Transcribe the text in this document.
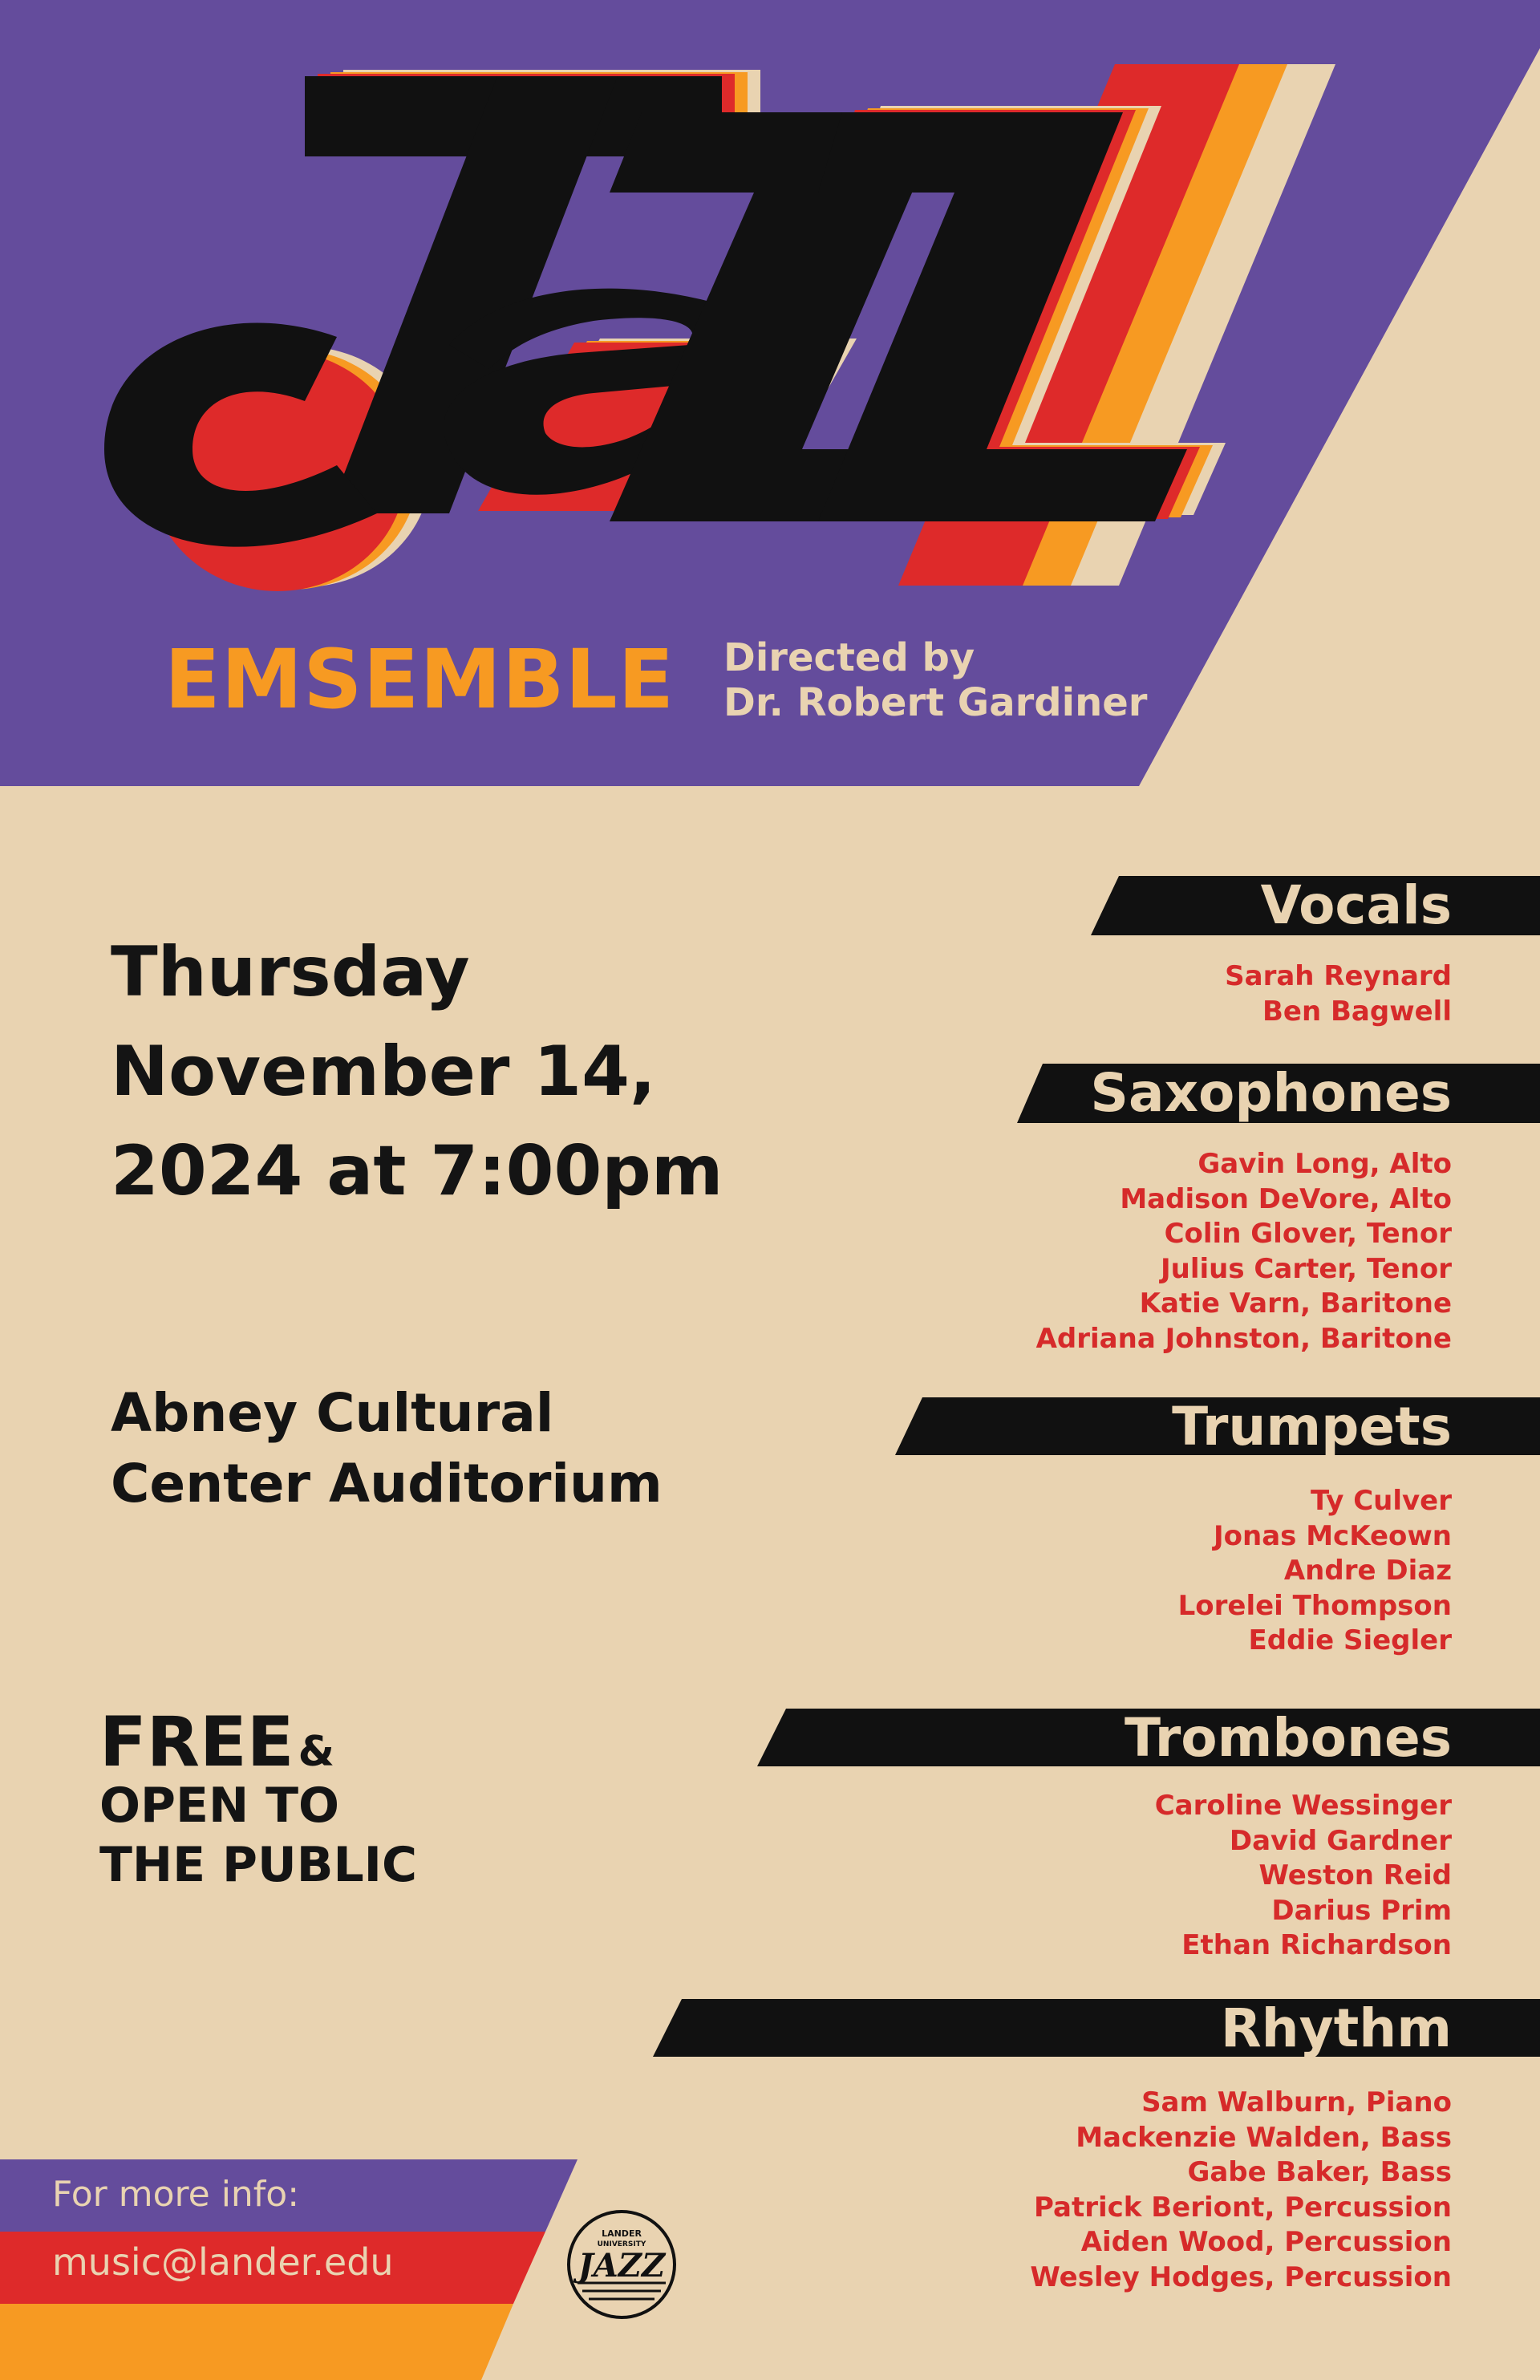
EMSEMBLE Directed by
Dr. Robert Gardiner
Thursday
November 14,
2024 at 7:00pm
Abney Cultural
Center Auditorium
FREE &
OPEN TO
THE PUBLIC
Vocals
Sarah Reynard
Ben Bagwell
Saxophones
Gavin Long, Alto
Madison DeVore, Alto
Colin Glover, Tenor
Julius Carter, Tenor
Katie Varn, Baritone
Adriana Johnston, Baritone
Trumpets
Ty Culver
Jonas McKeown
Andre Diaz
Lorelei Thompson
Eddie Siegler
Trombones
Caroline Wessinger
David Gardner
Weston Reid
Darius Prim
Ethan Richardson
Rhythm
Sam Walburn, Piano
Mackenzie Walden, Bass
Gabe Baker, Bass
Patrick Beriont, Percussion
Aiden Wood, Percussion
Wesley Hodges, Percussion
For more info:
music@lander.edu
LANDER
UNIVERSITY
JAZZ
